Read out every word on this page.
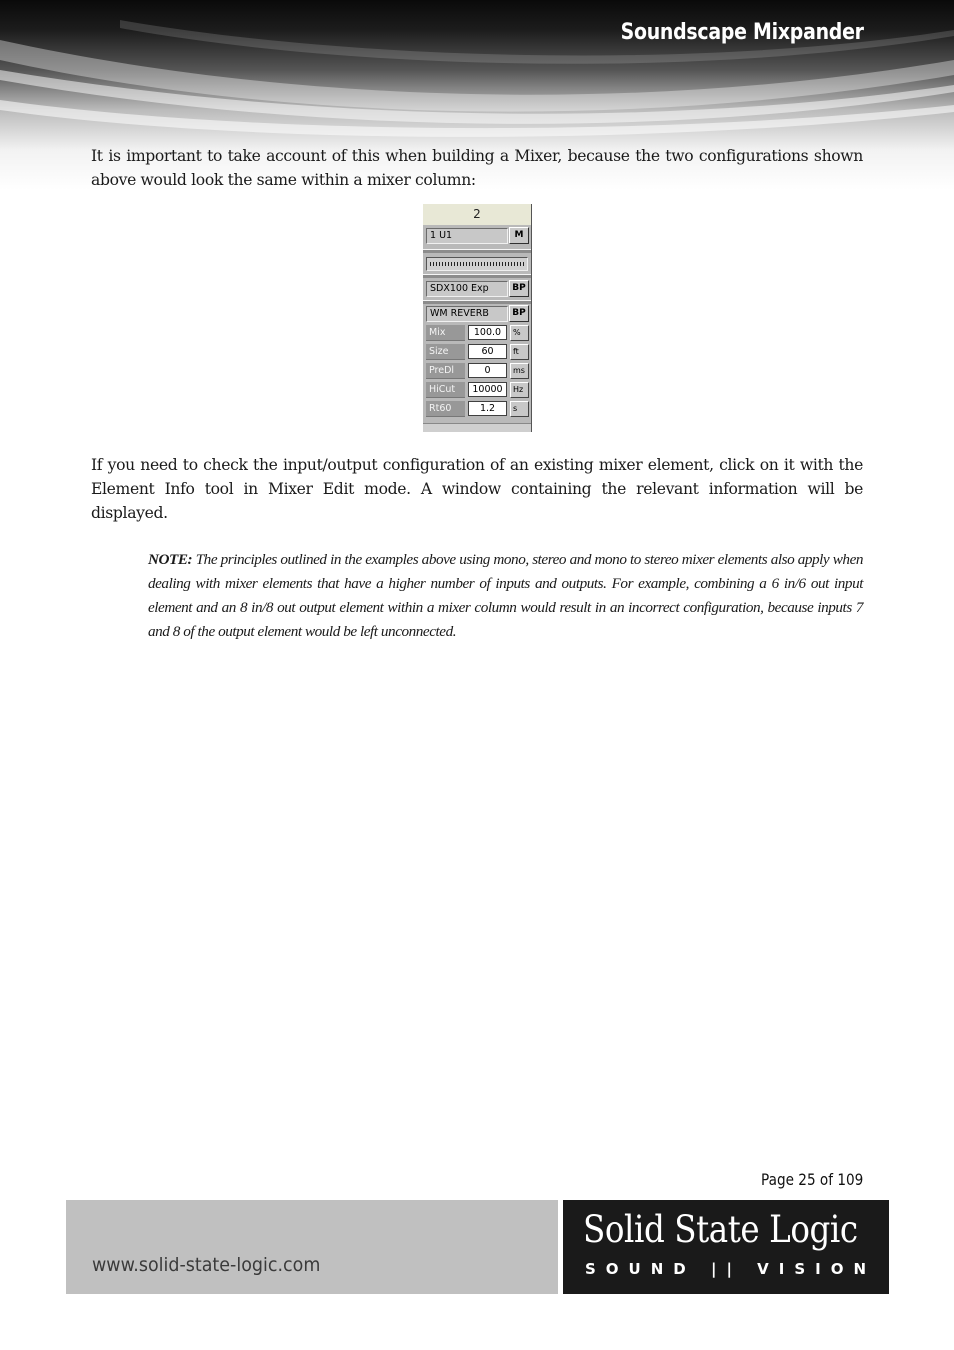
Soundscape Mixpander
It is important to take account of this when building a Mixer, because the two configurations shown above would look the same within a mixer column:
2
1 U1	M
SDX100 Exp	BP
WM REVERB	BP
Mix	100.0	%
Size	60	ft
PreDl	0	ms
HiCut	10000	Hz
Rt60	1.2	s
If you need to check the input/output configuration of an existing mixer element, click on it with the Element Info tool in Mixer Edit mode. A window containing the relevant information will be displayed.
NOTE: The principles outlined in the examples above using mono, stereo and mono to stereo mixer elements also apply when dealing with mixer elements that have a higher number of inputs and outputs. For example, combining a 6 in/6 out input element and an 8 in/8 out output element within a mixer column would result in an incorrect configuration, because inputs 7 and 8 of the output element would be left unconnected.
Page 25 of 109
www.solid-state-logic.com
Solid State Logic
SOUND || VISION
